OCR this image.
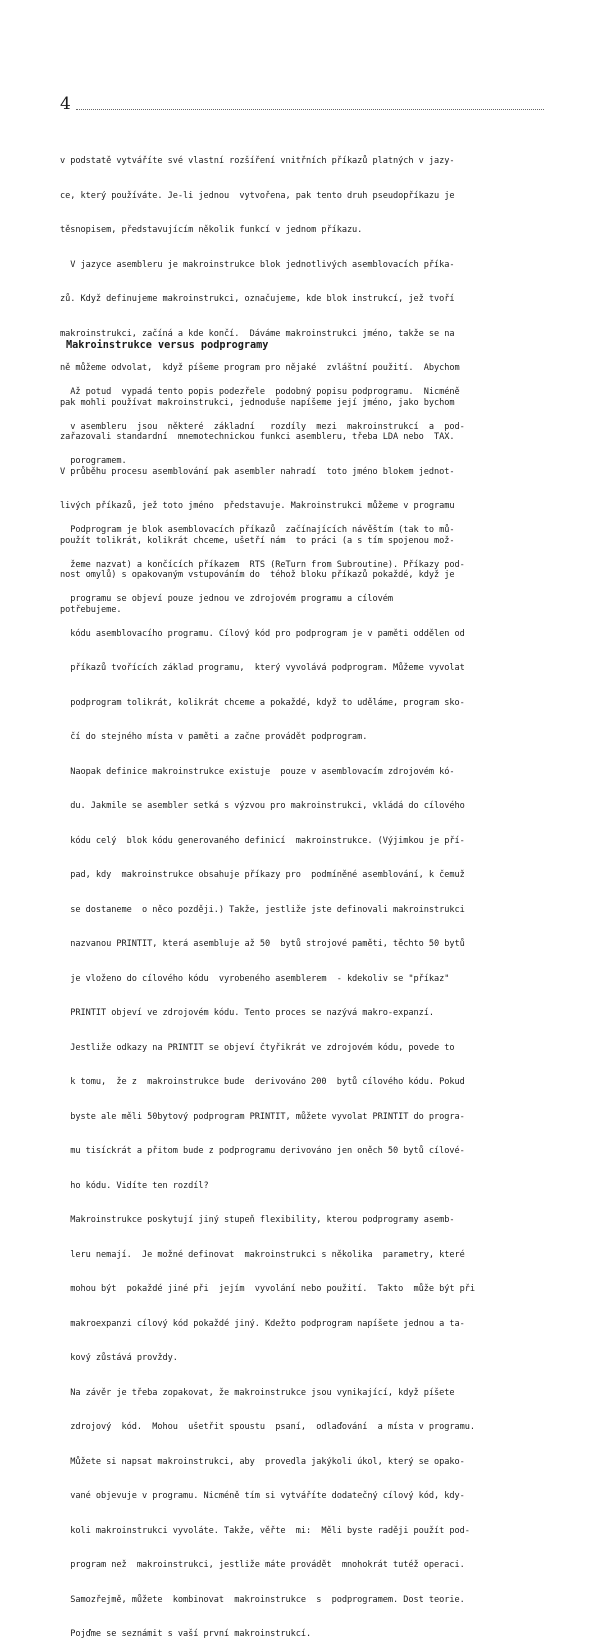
4

v podstatě vytváříte své vlastní rozšíření vnitřních příkazů platných v jazy-

ce, který používáte. Je-li jednou  vytvořena, pak tento druh pseudopříkazu je

těsnopisem, představujícím několik funkcí v jednom příkazu.

V jazyce asembleru je makroinstrukce blok jednotlivých asemblovacích příka-

zů. Když definujeme makroinstrukci, označujeme, kde blok instrukcí, jež tvoří

makroinstrukci, začíná a kde končí.  Dáváme makroinstrukci jméno, takže se na

ně můžeme odvolat,  když píšeme program pro nějaké  zvláštní použití.  Abychom

pak mohli používat makroinstrukci, jednoduše napíšeme její jméno, jako bychom

zařazovali standardní  mnemotechnickou funkci asembleru, třeba LDA nebo  TAX.

V průběhu procesu asemblování pak asembler nahradí  toto jméno blokem jednot-

livých příkazů, jež toto jméno  představuje. Makroinstrukci můžeme v programu

použít tolikrát, kolikrát chceme, ušetří nám  to práci (a s tím spojenou mož-

nost omylů) s opakovaným vstupováním do  téhož bloku příkazů pokaždé, když je

potřebujeme.

Makroinstrukce versus podprogramy

Až potud  vypadá tento popis podezřele  podobný popisu podprogramu.  Nicméně

v asembleru  jsou  některé  základní   rozdíly  mezi  makroinstrukcí  a  pod-

porogramem.

Podprogram je blok asemblovacích příkazů  začínajících návěštím (tak to mů-

žeme nazvat) a končících příkazem  RTS (ReTurn from Subroutine). Příkazy pod-

programu se objeví pouze jednou ve zdrojovém programu a cílovém

kódu asemblovacího programu. Cílový kód pro podprogram je v paměti oddělen od

příkazů tvořících základ programu,  který vyvolává podprogram. Můžeme vyvolat

podprogram tolikrát, kolikrát chceme a pokaždé, když to uděláme, program sko-

čí do stejného místa v paměti a začne provádět podprogram.

Naopak definice makroinstrukce existuje  pouze v asemblovacím zdrojovém kó-

du. Jakmile se asembler setká s výzvou pro makroinstrukci, vkládá do cílového

kódu celý  blok kódu generovaného definicí  makroinstrukce. (Výjimkou je pří-

pad, kdy  makroinstrukce obsahuje příkazy pro  podmíněné asemblování, k čemuž

se dostaneme  o něco později.) Takže, jestliže jste definovali makroinstrukci

nazvanou PRINTIT, která asembluje až 50  bytů strojové paměti, těchto 50 bytů

je vloženo do cílového kódu  vyrobeného asemblerem  - kdekoliv se "příkaz"

PRINTIT objeví ve zdrojovém kódu. Tento proces se nazývá makro-expanzí.

Jestliže odkazy na PRINTIT se objeví čtyřikrát ve zdrojovém kódu, povede to

k tomu,  že z  makroinstrukce bude  derivováno 200  bytů cílového kódu. Pokud

byste ale měli 50bytový podprogram PRINTIT, můžete vyvolat PRINTIT do progra-

mu tisíckrát a přitom bude z podprogramu derivováno jen oněch 50 bytů cílové-

ho kódu. Vidíte ten rozdíl?

Makroinstrukce poskytují jiný stupeň flexibility, kterou podprogramy asemb-

leru nemají.  Je možné definovat  makroinstrukci s několika  parametry, které

mohou být  pokaždé jiné při  jejím  vyvolání nebo použití.  Takto  může být při

makroexpanzi cílový kód pokaždé jiný. Kdežto podprogram napíšete jednou a ta-

kový zůstává provždy.

Na závěr je třeba zopakovat, že makroinstrukce jsou vynikající, když píšete

zdrojový  kód.  Mohou  ušetřit spoustu  psaní,  odlaďování  a místa v programu.

Můžete si napsat makroinstrukci, aby  provedla jakýkoli úkol, který se opako-

vané objevuje v programu. Nicméně tím si vytváříte dodatečný cílový kód, kdy-

koli makroinstrukci vyvoláte. Takže, věřte  mi:  Měli byste raději použít pod-

program než  makroinstrukci, jestliže máte provádět  mnohokrát tutéž operaci.

Samozřejmě, můžete  kombinovat  makroinstrukce  s  podprogramem. Dost teorie.

Pojďme se seznámit s vaší první makroinstrukcí.
